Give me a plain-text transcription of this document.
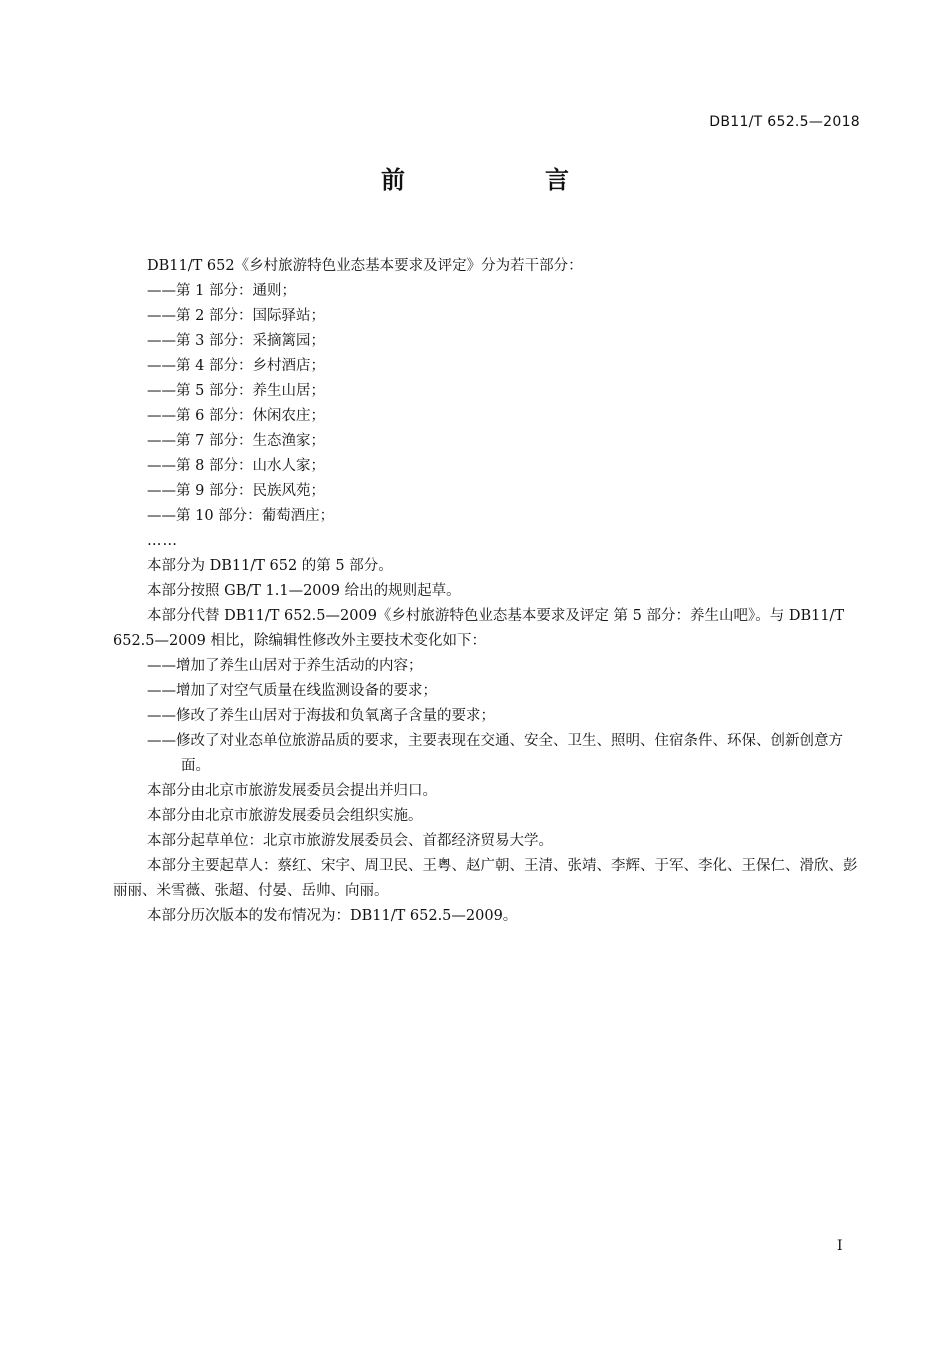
DB11/T 652.5—2018
前　言

DB11/T 652《乡村旅游特色业态基本要求及评定》分为若干部分：

——第 1 部分：通则；

——第 2 部分：国际驿站；

——第 3 部分：采摘篱园；

——第 4 部分：乡村酒店；

——第 5 部分：养生山居；

——第 6 部分：休闲农庄；

——第 7 部分：生态渔家；

——第 8 部分：山水人家；

——第 9 部分：民族风苑；

——第 10 部分：葡萄酒庄；

……

本部分为 DB11/T 652 的第 5 部分。

本部分按照 GB/T 1.1—2009 给出的规则起草。

本部分代替 DB11/T 652.5—2009《乡村旅游特色业态基本要求及评定 第 5 部分：养生山吧》。与 DB11/T 652.5—2009 相比，除编辑性修改外主要技术变化如下：

——增加了养生山居对于养生活动的内容；

——增加了对空气质量在线监测设备的要求；

——修改了养生山居对于海拔和负氧离子含量的要求；

——修改了对业态单位旅游品质的要求，主要表现在交通、安全、卫生、照明、住宿条件、环保、创新创意方面。

本部分由北京市旅游发展委员会提出并归口。

本部分由北京市旅游发展委员会组织实施。

本部分起草单位：北京市旅游发展委员会、首都经济贸易大学。

本部分主要起草人：蔡红、宋宇、周卫民、王粤、赵广朝、王清、张靖、李辉、于军、李化、王保仁、滑欣、彭丽丽、米雪薇、张超、付晏、岳帅、向丽。

本部分历次版本的发布情况为：DB11/T 652.5—2009。

I
